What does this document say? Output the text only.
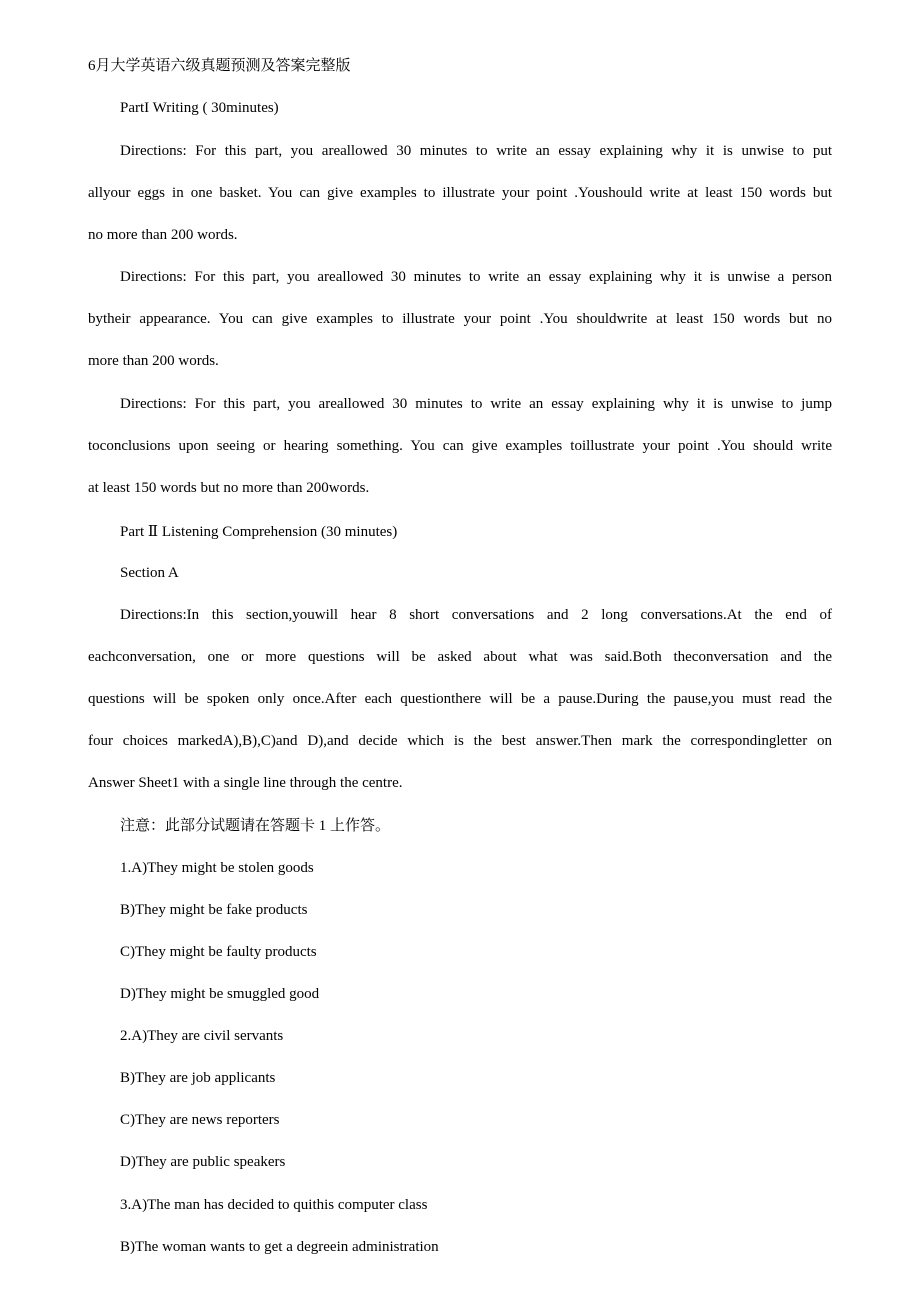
6月大学英语六级真题预测及答案完整版
PartI Writing ( 30minutes)
Directions: For this part, you areallowed 30 minutes to write an essay explaining why it is unwise to put
allyour eggs in one basket. You can give examples to illustrate your point .Youshould write at least 150 words but
no more than 200 words.
Directions: For this part, you areallowed 30 minutes to write an essay explaining why it is unwise a person
bytheir appearance. You can give examples to illustrate your point .You shouldwrite at least 150 words but no
more than 200 words.
Directions: For this part, you areallowed 30 minutes to write an essay explaining why it is unwise to jump
toconclusions upon seeing or hearing something. You can give examples toillustrate your point .You should write
at least 150 words but no more than 200words.
Part Ⅱ Listening Comprehension (30 minutes)
Section A
Directions:In this section,youwill hear 8 short conversations and 2 long conversations.At the end of
eachconversation, one or more questions will be asked about what was said.Both theconversation and the
questions will be spoken only once.After each questionthere will be a pause.During the pause,you must read the
four choices markedA),B),C)and D),and decide which is the best answer.Then mark the correspondingletter on
Answer Sheet1 with a single line through the centre.
注意：此部分试题请在答题卡 1 上作答。
1.A)They might be stolen goods
B)They might be fake products
C)They might be faulty products
D)They might be smuggled good
2.A)They are civil servants
B)They are job applicants
C)They are news reporters
D)They are public speakers
3.A)The man has decided to quithis computer class
B)The woman wants to get a degreein administration
